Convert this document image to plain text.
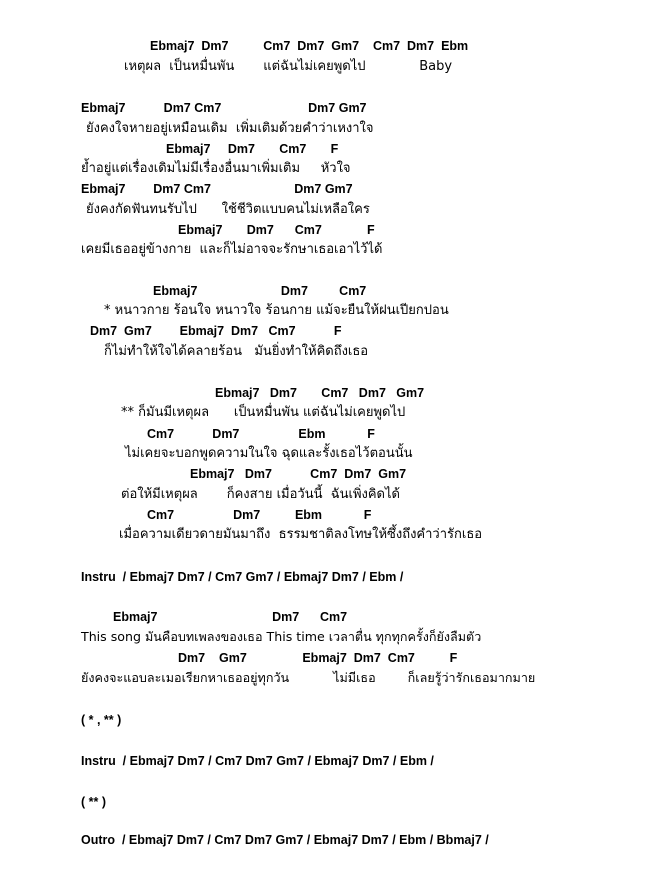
Ebmaj7  Dm7          Cm7  Dm7  Gm7    Cm7  Dm7  Ebm
เหตุผล  เป็นหมื่นพัน       แต่ฉันไม่เคยพูดไป             Baby
Ebmaj7           Dm7 Cm7                         Dm7 Gm7
ยังคงใจหายอยู่เหมือนเดิม  เพิ่มเติมด้วยคำว่าเหงาใจ
Ebmaj7     Dm7       Cm7       F
ย้ำอยู่แต่เรื่องเดิมไม่มีเรื่องอื่นมาเพิ่มเติม     หัวใจ
Ebmaj7        Dm7 Cm7                        Dm7 Gm7
ยังคงกัดฟันทนรับไป      ใช้ชีวิตแบบคนไม่เหลือใคร
Ebmaj7       Dm7      Cm7             F
เคยมีเธออยู่ข้างกาย  และก็ไม่อาจจะรักษาเธอเอาไว้ได้
Ebmaj7                        Dm7         Cm7
* หนาวกาย ร้อนใจ หนาวใจ ร้อนกาย แม้จะยืนให้ฝนเปียกปอน
Dm7  Gm7        Ebmaj7  Dm7   Cm7           F
ก็ไม่ทำให้ใจได้คลายร้อน   มันยิ่งทำให้คิดถึงเธอ
Ebmaj7   Dm7       Cm7   Dm7   Gm7
** ก็มันมีเหตุผล      เป็นหมื่นพัน แต่ฉันไม่เคยพูดไป
Cm7           Dm7                 Ebm            F
ไม่เคยจะบอกพูดความในใจ ฉุดและรั้งเธอไว้ตอนนั้น
Ebmaj7   Dm7           Cm7  Dm7  Gm7
ต่อให้มีเหตุผล       ก็คงสาย เมื่อวันนี้  ฉันเพิ่งคิดได้
Cm7                 Dm7          Ebm            F
เมื่อความเดียวดายมันมาถึง  ธรรมชาติลงโทษให้ซึ้งถึงคำว่ารักเธอ
Instru  / Ebmaj7 Dm7 / Cm7 Gm7 / Ebmaj7 Dm7 / Ebm /
Ebmaj7                                 Dm7      Cm7
This song มันคือบทเพลงของเธอ This time เวลาตื่น ทุกทุกครั้งก็ยังลืมตัว
Dm7    Gm7                Ebmaj7  Dm7  Cm7          F
ยังคงจะแอบละเมอเรียกหาเธออยู่ทุกวัน           ไม่มีเธอ        ก็เลยรู้ว่ารักเธอมากมาย
( * , ** )
Instru  / Ebmaj7 Dm7 / Cm7 Dm7 Gm7 / Ebmaj7 Dm7 / Ebm /
( ** )
Outro  / Ebmaj7 Dm7 / Cm7 Dm7 Gm7 / Ebmaj7 Dm7 / Ebm / Bbmaj7 /
